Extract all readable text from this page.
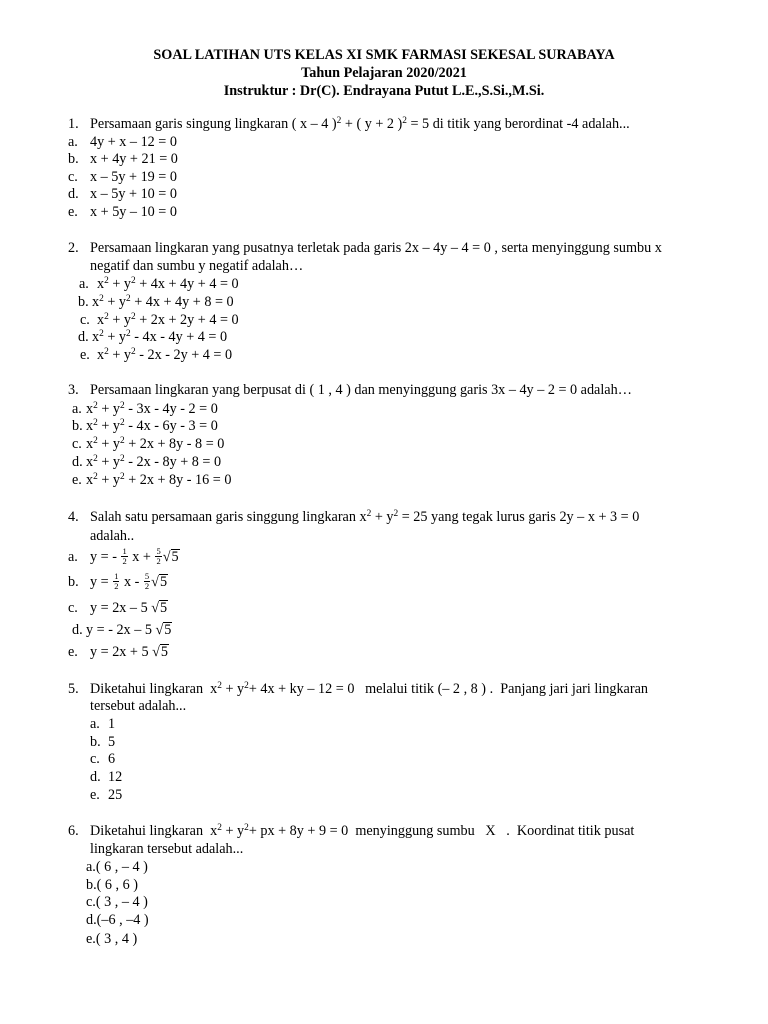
SOAL LATIHAN UTS KELAS XI SMK FARMASI SEKESAL SURABAYA
Tahun Pelajaran 2020/2021
Instruktur : Dr(C). Endrayana Putut L.E.,S.Si.,M.Si.
1. Persamaan garis singung lingkaran ( x – 4 )$^2$ + ( y + 2 )$^2$ = 5 di titik yang berordinat -4 adalah...
a. 4y + x – 12 = 0
b. x + 4y + 21 = 0
c. x – 5y + 19 = 0
d. x – 5y + 10 = 0
e. x + 5y – 10 = 0
2. Persamaan lingkaran yang pusatnya terletak pada garis 2x – 4y – 4 = 0 , serta menyinggung sumbu x
negatif dan sumbu y negatif adalah…
a. $x^2 + y^2 + 4x + 4y + 4 = 0$
b. $x^2 + y^2 + 4x + 4y + 8 = 0$
c. $x^2 + y^2 + 2x + 2y + 4 = 0$
d. $x^2 + y^2 - 4x - 4y + 4 = 0$
e. $x^2 + y^2 - 2x - 2y + 4 = 0$
3. Persamaan lingkaran yang berpusat di ( 1 , 4 ) dan menyinggung garis 3x – 4y – 2 = 0 adalah…
a. $x^2 + y^2 - 3x - 4y - 2 = 0$
b. $x^2 + y^2 - 4x - 6y - 3 = 0$
c. $x^2 + y^2 + 2x + 8y - 8 = 0$
d. $x^2 + y^2 - 2x - 8y + 8 = 0$
e. $x^2 + y^2 + 2x + 8y - 16 = 0$
4. Salah satu persamaan garis singgung lingkaran $x^2 + y^2 = 25$ yang tegak lurus garis 2y – x + 3 = 0
adalah..
a. y = - $\frac{1}{2}$ $x + \frac{5}{2}$ √ 5
b. $y = \frac{1}{2}$ x - $\frac{5}{2}$ √ 5
c. y = 2x – 5 √ 5
d. y = - 2x – 5 √ 5
e. y = 2x + 5 √ 5
5. Diketahui lingkaran  $x^2 + y^2+ 4x$ + ky – 12 = 0   melalui titik (– 2 , 8 ) .  Panjang jari jari lingkaran
tersebut adalah...
a. 1
b. 5
c. 6
d. 12
e. 25
6. Diketahui lingkaran  $x^2 + y^2+$ px + 8y + 9 = 0  menyinggung sumbu   X   .  Koordinat titik pusat
lingkaran tersebut adalah...
a. ( 6 , – 4 )
b. ( 6 , 6 )
c. ( 3 , – 4 )
d. (–6 , –4 )
e. ( 3 , 4 )
